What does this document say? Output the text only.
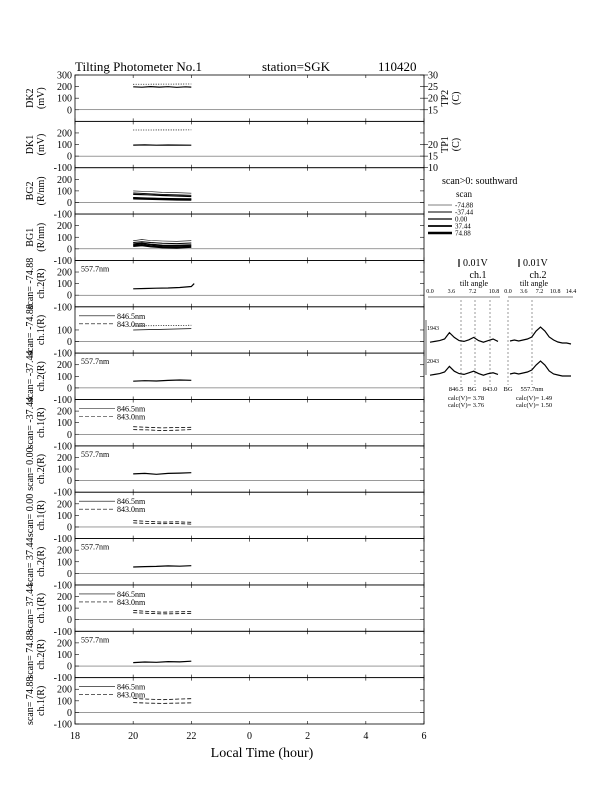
Tilting Photometer No.1	station=SGK	110420
0
100
200
300
15
20
25
30
TP2(C)
DK2(mV)
-100
0
100
200
10
15
20 TP1(C)
DK1(mV)
-100
0
100
200
BG2(R/nm)
-100
0
100
200
BG1(R/nm)
-100
0
100
200
scan= -74.88ch.2(R)	557.7nm
-100
0
100
scan= -74.88ch.1(R)	846.5nm
843.0nm
-100
0
100
200
scan= -37.44ch.2(R)	557.7nm
-100
0
100
200
scan= -37.44ch.1(R)	846.5nm
843.0nm
-100
0
100
200
scan= 0.00ch.2(R)	557.7nm
-100
0
100
200
scan= 0.00ch.1(R)	846.5nm
843.0nm
-100
0
100
200
scan= 37.44ch.2(R)	557.7nm
-100
0
100
200
scan= 37.44ch.1(R)	846.5nm
843.0nm
-100
0
100
200
scan= 74.88ch.2(R)	557.7nm
-100
0
100
200
scan= 74.88ch.1(R)	846.5nm
843.0nm
18	20	22	0	2	4	6
Local Time (hour)
scan>0: southward
scan
-74.88
-37.44
0.00
37.44
74.88
0.01V	0.01V
ch.1	ch.2
0.0 3.6 7.2 10.8 0.0 3.6 7.2 10.8 14.4
tilt angle	tilt angle
1943
2043
846.5 BG 843.0 BG 557.7nm
calc(V)= 3.78
calc(V)= 3.76
calc(V)= 1.49
calc(V)= 1.50
